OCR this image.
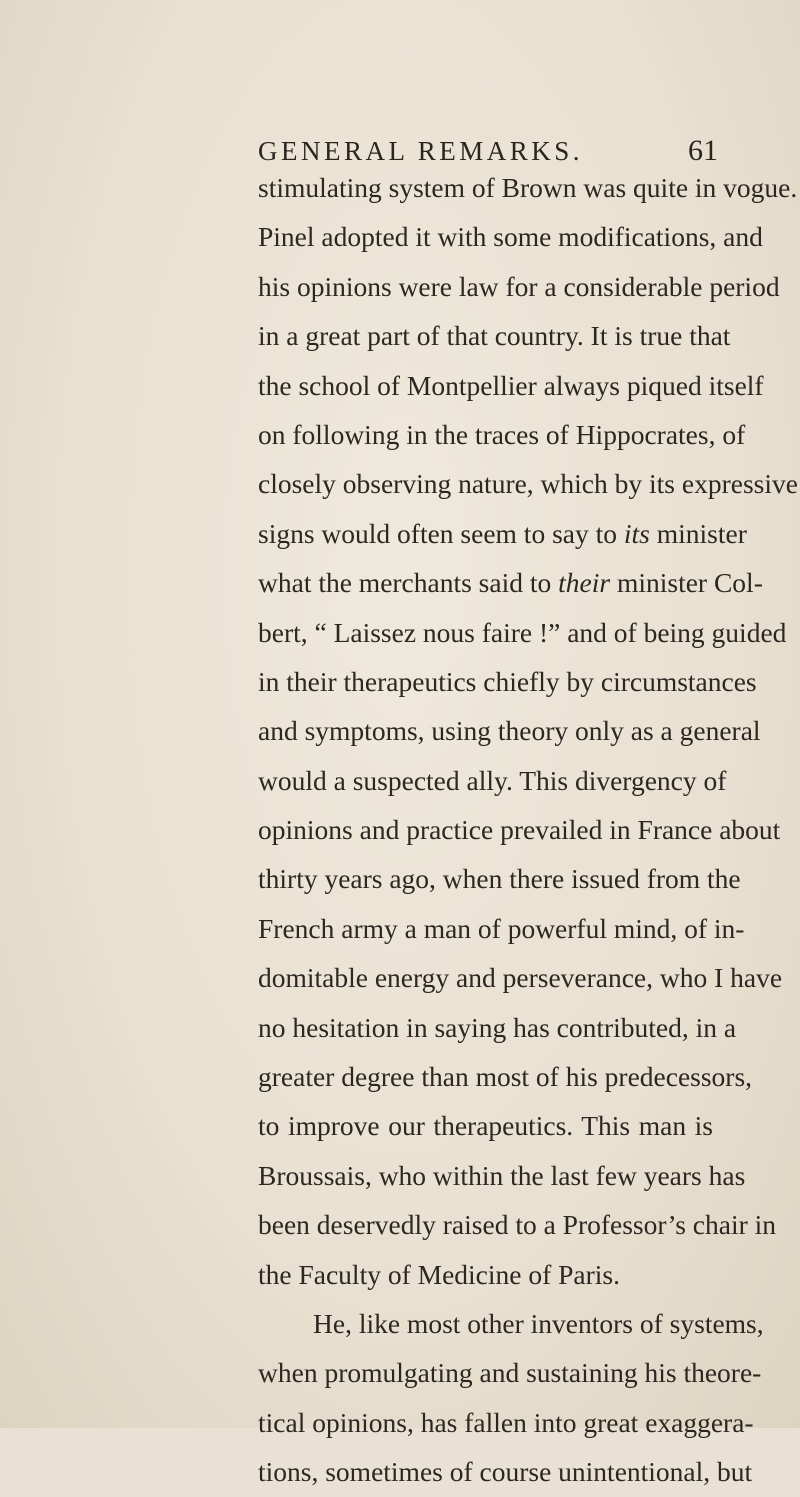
GENERAL REMARKS.	61
stimulating system of Brown was quite in vogue.
Pinel adopted it with some modifications, and
his opinions were law for a considerable period
in a great part of that country. It is true that
the school of Montpellier always piqued itself
on following in the traces of Hippocrates, of
closely observing nature, which by its expressive
signs would often seem to say to its minister
what the merchants said to their minister Col-
bert, “ Laissez nous faire !” and of being guided
in their therapeutics chiefly by circumstances
and symptoms, using theory only as a general
would a suspected ally. This divergency of
opinions and practice prevailed in France about
thirty years ago, when there issued from the
French army a man of powerful mind, of in-
domitable energy and perseverance, who I have
no hesitation in saying has contributed, in a
greater degree than most of his predecessors,
to improve our therapeutics. This man is
Broussais, who within the last few years has
been deservedly raised to a Professor’s chair in
the Faculty of Medicine of Paris.
He, like most other inventors of systems,
when promulgating and sustaining his theore-
tical opinions, has fallen into great exaggera-
tions, sometimes of course unintentional, but
